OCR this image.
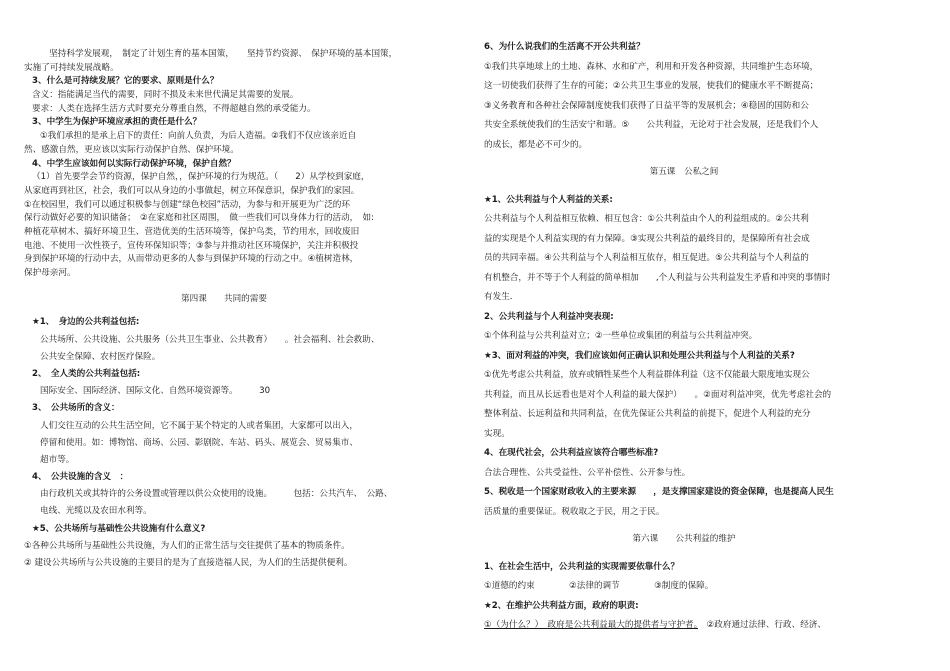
　　坚持科学发展观，　制定了计划生育的基本国策，　　坚持节约资源、　保护环境的基本国策，
实施了可持续发展战略。
3、什么是可持续发展？它的要求、原则是什么？
含义：指能满足当代的需要，同时不损及未来世代满足其需要的发展。
要求：人类在选择生活方式时要充分尊重自然，不得超越自然的承受能力。
3、中学生为保护环境应承担的责任是什么？
①我们承担的是承上启下的责任：向前人负责，为后人造福。②我们不仅应该亲近自
然、感激自然，更应该以实际行动保护自然、保护环境。
4、中学生应该如何以实际行动保护环境，保护自然？
（1）首先要学会节约资源，保护自然，，保护环境的行为规范。（　　2）从学校到家庭，
从家庭再到社区，社会，我们可以从身边的小事做起，树立环保意识，保护我们的家园。
①在校园里，我们可以通过积极参与创建“绿色校园”活动，为参与和开展更为广泛的环
保行动做好必要的知识储备；　②在家庭和社区周围，　做一些我们可以身体力行的活动，　如:
种植花草树木、搞好环境卫生、营造优美的生活环境等，保护鸟类，节约用水，回收废旧
电池、不使用一次性筷子，宣传环保知识等；③参与并推动社区环境保护，关注并积极投
身到保护环境的行动中去，从而带动更多的人参与到保护环境的行动之中。④植树造林，
保护母亲河。
第四课　　共同的需要
★1、　身边的公共利益包括:
公共场所、公共设施、公共服务（公共卫生事业、公共教育）　　。社会福利、社会救助、
公共安全保障、农村医疗保险。
2、　全人类的公共利益包括:
国际安全、国际经济、国际文化、自然环境资源等。　　　30
3、　公共场所的含义：
人们交往互动的公共生活空间，它不属于某个特定的人或者集团，大家都可以出入，
停留和使用。如：博物馆、商场、公园、影剧院、车站、码头、展览会、贸易集市、
超市等。
4、　公共设施的含义　：
由行政机关或其特许的公务设置或管理以供公众使用的设施。　　　包括：公共汽车、　公路、
电线、光缆以及农田水利等。
★5、公共场所与基础性公共设施有什么意义?
①各种公共场所与基础性公共设施，为人们的正常生活与交往提供了基本的物质条件。
② 建设公共场所与公共设施的主要目的是为了直接造福人民，为人们的生活提供便利。
6、为什么说我们的生活离不开公共利益？
①我们共享地球上的土地、森林、水和矿产，利用和开发各种资源，共同维护生态环境，
这一切使我们获得了生存的可能；②公共卫生事业的发展，使我们的健康水平不断提高；
③义务教育和各种社会保障制度使我们获得了日益平等的发展机会；④稳固的国防和公
共安全系统使我们的生活安宁和谐。⑤　　公共利益，无论对于社会发展，还是我们个人
的成长，都是必不可少的。
第五课　公私之间
★1、公共利益与个人利益的关系:
公共利益与个人利益相互依赖、相互包含：①公共利益由个人的利益组成的。②公共利
益的实现是个人利益实现的有力保障。③实现公共利益的最终目的，是保障所有社会成
员的共同幸福。④公共利益与个人利益相互依存，相互促进。⑤公共利益与个人利益的
有机整合，并不等于个人利益的简单相加　　,个人利益与公共利益发生矛盾和冲突的事情时
有发生．
2、公共利益与个人利益冲突表现:
①个体利益与公共利益对立；②一些单位或集团的利益与公共利益冲突。
★3、面对利益的冲突，我们应该如何正确认识和处理公共利益与个人利益的关系?
①优先考虑公共利益，放弃或牺牲某些个人利益群体利益（这不仅能最大限度地实现公
共利益，而且从长远看也是对个人利益的最大保护）　　。②面对利益冲突，优先考虑社会的
整体利益、长远利益和共同利益，在优先保证公共利益的前提下，促进个人利益的充分
实现。
4、在现代社会，公共利益应该符合哪些标准?
合法合理性、公共受益性、公平补偿性、公开参与性。
5、税收是一个国家财政收入的主要来源　　，是支撑国家建设的资金保障，也是提高人民生
活质量的重要保证。税收取之于民，用之于民。
第六课　　公共利益的维护
1、在社会生活中，公共利益的实现需要依靠什么？
①道德的约束　　　　②法律的调节　　　　③制度的保障。
★2、在维护公共利益方面，政府的职责:
①（为什么？）　政府是公共利益最大的提供者与守护者。　②政府通过法律、行政、经济、
